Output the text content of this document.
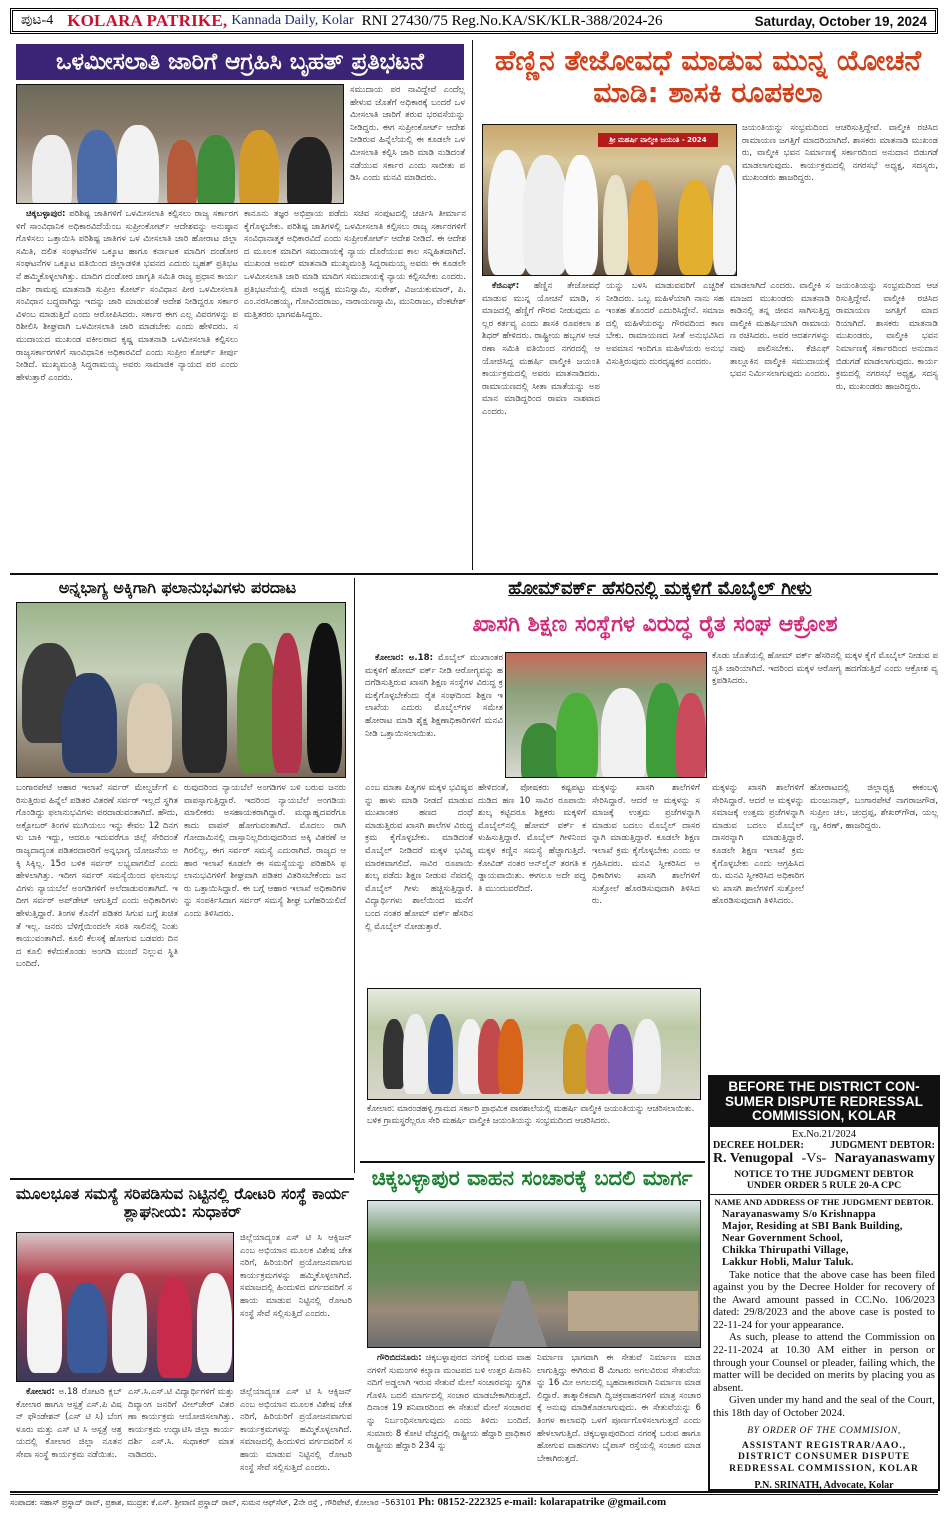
ಪುಟ-4 KOLARA PATRIKE, Kannada Daily, Kolar RNI 27430/75 Reg.No.KA/SK/KLR-388/2024-26	Saturday, October 19, 2024
ಒಳಮೀಸಲಾತಿ ಜಾರಿಗೆ ಆಗ್ರಹಿಸಿ ಬೃಹತ್ ಪ್ರತಿಭಟನೆ
ಸಮುದಾಯ ಪರ ನಾವಿದ್ದೇವೆ ಎಂದೆಲ್ಲ ಹೇಳುವ ಜೊತೆಗೆ ಅಧಿಕಾರಕ್ಕೆ ಬಂದರೆ ಒಳಮೀಸಲಾತಿ ಜಾರಿಗೆ ತರುವ ಭರವಸೆಯನ್ನು ನೀಡಿದ್ದರು. ಈಗ ಸುಪ್ರೀಂಕೋರ್ಟ್ ಆದೇಶ ನೀಡಿರುವ ಹಿನ್ನೆಲೆಯಲ್ಲಿ ಈ ಕೂಡಲೇ ಒಳಮೀಸಲಾತಿ ಕಲ್ಪಿಸಿ ಜಾರಿ ಮಾಡಿ ನುಡಿದಂತೆ ನಡೆಯುವ ಸರ್ಕಾರ ಎಂದು ಸಾಬೀತು ಪಡಿಸಿ ಎಂದು ಮನವಿ ಮಾಡಿದರು.

ಚಿಕ್ಕಬಳ್ಳಾಪುರ: ಪರಿಶಿಷ್ಟ ಜಾತಿಗಳಿಗೆ ಒಳಮೀಸಲಾತಿ ಕಲ್ಪಿಸಲು ರಾಜ್ಯ ಸರ್ಕಾರಗಳಿಗೆ ಸಾಂವಿಧಾನಿಕ ಅಧಿಕಾರವಿದೆಯೆಂಬ ಸುಪ್ರೀಂಕೋರ್ಟ್ ಆದೇಶವನ್ನು ಅನುಷ್ಠಾನಗೊಳಿಸಲು ಒತ್ತಾಯಿಸಿ ಪರಿಶಿಷ್ಟ ಜಾತಿಗಳ ಒಳ ಮೀಸಲಾತಿ ಜಾರಿ ಹೋರಾಟ ಜಿಲ್ಲಾ ಸಮಿತಿ, ದಲಿತ ಸಂಘಟನೆಗಳ ಒಕ್ಕೂಟ ಹಾಗೂ ಕರ್ನಾಟಕ ಮಾದಿಗ ದಂಡೋರ ಸಂಘಟನೆಗಳ ಒಕ್ಕೂಟ ವತಿಯಿಂದ ಜಿಲ್ಲಾಡಳಿತ ಭವನದ ಎದುರು ಬೃಹತ್ ಪ್ರತಿಭಟನೆ ಹಮ್ಮಿಕೊಳ್ಳಲಾಗಿತ್ತು. ಮಾದಿಗ ದಂಡೋರ ಜಾಗೃತಿ ಸಮಿತಿ ರಾಜ್ಯ ಪ್ರಧಾನ ಕಾರ್ಯದರ್ಶಿ ರಾಮಪ್ಪ ಮಾತನಾಡಿ ಸುಪ್ರೀಂ ಕೋರ್ಟ್ ಸಂವಿಧಾನ ಪೀಠ ಒಳಮೀಸಲಾತಿ ಸಂವಿಧಾನ ಬದ್ಧವಾಗಿದ್ದು ಇದನ್ನು ಜಾರಿ ಮಾಡುವಂತೆ ಆದೇಶ ನೀಡಿದ್ದರೂ ಸರ್ಕಾರ ವಿಳಂಬ ಮಾಡುತ್ತಿದೆ ಎಂದು ಆರೋಪಿಸಿದರು. ಸರ್ಕಾರ ಈಗ ಎಲ್ಲ ವಿವರಗಳನ್ನು ಪರಿಶೀಲಿಸಿ ಶೀಘ್ರವಾಗಿ ಒಳಮೀಸಲಾತಿ ಜಾರಿ ಮಾಡಬೇಕು ಎಂದು ಹೇಳಿದರು. ಸಮುದಾಯದ ಮುಖಂಡ ವಕೀಲರಾದ ಕೃಷ್ಣ ಮಾತನಾಡಿ ಒಳಮೀಸಲಾತಿ ಕಲ್ಪಿಸಲು ರಾಜ್ಯಸರ್ಕಾರಗಳಿಗೆ ಸಾಂವಿಧಾನಿಕ ಅಧಿಕಾರವಿದೆ ಎಂದು ಸುಪ್ರೀಂ ಕೋರ್ಟ್ ತೀರ್ಪು ನೀಡಿದೆ. ಮುಖ್ಯಮಂತ್ರಿ ಸಿದ್ದರಾಮಯ್ಯ ಅವರು ಸಾಮಾಜಿಕ ನ್ಯಾಯದ ಪರ ಎಂದು ಹೇಳುತ್ತಾರೆ ಎಂದರು.

ಕಾನೂನು ತಜ್ಞರ ಅಭಿಪ್ರಾಯ ಪಡೆದು ಸಚಿವ ಸಂಪುಟದಲ್ಲಿ ಚರ್ಚಿಸಿ ತೀರ್ಮಾನ ಕೈಗೊಳ್ಳಬೇಕು. ಪರಿಶಿಷ್ಟ ಜಾತಿಗಳಲ್ಲಿ ಒಳಮೀಸಲಾತಿ ಕಲ್ಪಿಸಲು ರಾಜ್ಯ ಸರ್ಕಾರಗಳಿಗೆ ಸಂವಿಧಾನಾತ್ಮಕ ಅಧಿಕಾರವಿದೆ ಎಂದು ಸುಪ್ರೀಂಕೋರ್ಟ್ ಆದೇಶ ನೀಡಿದೆ. ಈ ಆದೇಶದ ಮೂಲಕ ಮಾದಿಗ ಸಮುದಾಯಕ್ಕೆ ನ್ಯಾಯ ದೊರೆಯುವ ಕಾಲ ಸನ್ನಿಹಿತವಾಗಿದೆ. ಮುಖಂಡ ಅಮರ್ ಮಾತನಾಡಿ ಮುಖ್ಯಮಂತ್ರಿ ಸಿದ್ದರಾಮಯ್ಯ ಅವರು ಈ ಕೂಡಲೇ ಒಳಮೀಸಲಾತಿ ಜಾರಿ ಮಾಡಿ ಮಾದಿಗ ಸಮುದಾಯಕ್ಕೆ ನ್ಯಾಯ ಕಲ್ಪಿಸಬೇಕು ಎಂದರು. ಪ್ರತಿಭಟನೆಯಲ್ಲಿ ಮಾಜಿ ಅಧ್ಯಕ್ಷ ಮುನಿಸ್ವಾಮಿ, ಸುರೇಶ್, ವಿಜಯಕುಮಾರ್, ಪಿ.ಎಂ.ನರಸಿಂಹಯ್ಯ, ಗೋವಿಂದರಾಜು, ನಾರಾಯಣಸ್ವಾಮಿ, ಮುನಿರಾಜು, ವೆಂಕಟೇಶ್ ಮತ್ತಿತರರು ಭಾಗವಹಿಸಿದ್ದರು.
ಹೆಣ್ಣಿನ ತೇಜೋವಧೆ ಮಾಡುವ ಮುನ್ನ ಯೋಚನೆ ಮಾಡಿ: ಶಾಸಕಿ ರೂಪಕಲಾ
ಶ್ರೀ ಮಹರ್ಷಿ ವಾಲ್ಮೀಕಿ ಜಯಂತಿ - 2024
ಜಯಂತಿಯನ್ನು ಸಂಭ್ರಮದಿಂದ ಆಚರಿಸುತ್ತಿದ್ದೇವೆ. ವಾಲ್ಮೀಕಿ ರಚಿಸಿದ ರಾಮಾಯಣ ಜಗತ್ತಿಗೆ ಮಾದರಿಯಾಗಿದೆ. ಶಾಸಕರು ಮಾತನಾಡಿ ಮುಖಂಡರು, ವಾಲ್ಮೀಕಿ ಭವನ ನಿರ್ಮಾಣಕ್ಕೆ ಸರ್ಕಾರದಿಂದ ಅನುದಾನ ಬಿಡುಗಡೆ ಮಾಡಲಾಗುವುದು. ಕಾರ್ಯಕ್ರಮದಲ್ಲಿ ನಗರಸಭೆ ಅಧ್ಯಕ್ಷ, ಸದಸ್ಯರು, ಮುಖಂಡರು ಹಾಜರಿದ್ದರು.

ಕೆಜಿಎಫ್: ಹೆಣ್ಣಿನ ತೇಜೋವಧೆ ಮಾಡುವ ಮುನ್ನ ಯೋಚನೆ ಮಾಡಿ, ಸಮಾಜದಲ್ಲಿ ಹೆಣ್ಣಿಗೆ ಗೌರವ ನೀಡುವುದು ಎಲ್ಲರ ಕರ್ತವ್ಯ ಎಂದು ಶಾಸಕಿ ರೂಪಕಲಾ ಶಶಿಧರ್ ಹೇಳಿದರು. ರಾಷ್ಟ್ರೀಯ ಹಬ್ಬಗಳ ಆಚರಣಾ ಸಮಿತಿ ವತಿಯಿಂದ ನಗರದಲ್ಲಿ ಆಯೋಜಿಸಿದ್ದ ಮಹರ್ಷಿ ವಾಲ್ಮೀಕಿ ಜಯಂತಿ ಕಾರ್ಯಕ್ರಮದಲ್ಲಿ ಅವರು ಮಾತನಾಡಿದರು. ರಾಮಾಯಣದಲ್ಲಿ ಸೀತಾ ಮಾತೆಯನ್ನು ಅಪಮಾನ ಮಾಡಿದ್ದರಿಂದ ರಾವಣ ನಾಶವಾದ ಎಂದರು.

ಯನ್ನು ಬಳಸಿ ಮಾಡುವವರಿಗೆ ಎಚ್ಚರಿಕೆ ನೀಡಿದರು. ಒಬ್ಬ ಮಹಿಳೆಯಾಗಿ ನಾನು ಸಹ ಇಂತಹ ತೊಂದರೆ ಎದುರಿಸಿದ್ದೇನೆ. ಸಮಾಜದಲ್ಲಿ ಮಹಿಳೆಯರನ್ನು ಗೌರವದಿಂದ ಕಾಣಬೇಕು. ರಾಮಾಯಣದ ಸೀತೆ ಅನುಭವಿಸಿದ ಅವಮಾನ ಇಂದಿಗೂ ಮಹಿಳೆಯರು ಅನುಭವಿಸುತ್ತಿರುವುದು ದುರದೃಷ್ಟಕರ ಎಂದರು.
ಮಾಡಲಾಗಿದೆ ಎಂದರು. ವಾಲ್ಮೀಕಿ ಸಮಾಜದ ಮುಖಂಡರು ಮಾತನಾಡಿ ಕಾಡಿನಲ್ಲಿ ತನ್ನ ಜೀವನ ಸಾಗಿಸುತ್ತಿದ್ದ ವಾಲ್ಮೀಕಿ ಮಹರ್ಷಿಯಾಗಿ ರಾಮಾಯಣ ರಚಿಸಿದರು. ಅವರ ಆದರ್ಶಗಳನ್ನು ನಾವು ಪಾಲಿಸಬೇಕು. ಕೆಜಿಎಫ್ ತಾಲ್ಲೂಕಿನ ವಾಲ್ಮೀಕಿ ಸಮುದಾಯಕ್ಕೆ ಭವನ ನಿರ್ಮಿಸಲಾಗುವುದು ಎಂದರು.
ಜಯಂತಿಯನ್ನು ಸಂಭ್ರಮದಿಂದ ಆಚರಿಸುತ್ತಿದ್ದೇವೆ. ವಾಲ್ಮೀಕಿ ರಚಿಸಿದ ರಾಮಾಯಣ ಜಗತ್ತಿಗೆ ಮಾದರಿಯಾಗಿದೆ. ಶಾಸಕರು ಮಾತನಾಡಿ ಮುಖಂಡರು, ವಾಲ್ಮೀಕಿ ಭವನ ನಿರ್ಮಾಣಕ್ಕೆ ಸರ್ಕಾರದಿಂದ ಅನುದಾನ ಬಿಡುಗಡೆ ಮಾಡಲಾಗುವುದು. ಕಾರ್ಯಕ್ರಮದಲ್ಲಿ ನಗರಸಭೆ ಅಧ್ಯಕ್ಷ, ಸದಸ್ಯರು, ಮುಖಂಡರು ಹಾಜರಿದ್ದರು.
ಅನ್ನಭಾಗ್ಯ ಅಕ್ಕಿಗಾಗಿ ಫಲಾನುಭವಿಗಳು ಪರದಾಟ
ಬಂಗಾರಪೇಟೆ ಆಹಾರ ಇಲಾಖೆ ಸರ್ವರ್ ಮೇಲ್ದರ್ಜೆಗೆ ಏರಿಸುತ್ತಿರುವ ಹಿನ್ನೆಲೆ ಪಡಿತರ ವಿತರಣೆ ಸರ್ವರ್ ಇಲ್ಲದೆ ಸ್ಥಗಿತಗೊಂಡಿದ್ದು ಫಲಾನುಭವಿಗಳು ಪರದಾಡುವಂತಾಗಿದೆ. ಹೌದು, ಅಕ್ಟೋಬರ್ ತಿಂಗಳ ಮುಗಿಯಲು ಇನ್ನು ಕೇವಲ 12 ದಿನಗಳು ಬಾಕಿ ಇದ್ದು, ಆದರೂ ಇದುವರೆಗೂ ಜಿಲ್ಲೆ ಸೇರಿದಂತೆ ರಾಜ್ಯದಾದ್ಯಂತ ಪಡಿತರದಾರರಿಗೆ ಅನ್ನಭಾಗ್ಯ ಯೋಜನೆಯ ಅಕ್ಕಿ ಸಿಕ್ಕಿಲ್ಲ. 15ರ ಬಳಿಕ ಸರ್ವರ್ ಲಭ್ಯವಾಗಲಿದೆ ಎಂದು ಹೇಳಲಾಗಿತ್ತು. ಇದೀಗ ಸರ್ವರ್ ಸಮಸ್ಯೆಯಿಂದ ಫಲಾನುಭವಿಗಳು ನ್ಯಾಯಬೆಲೆ ಅಂಗಡಿಗಳಿಗೆ ಅಲೆದಾಡುವಂತಾಗಿದೆ. ಇದೀಗ ಸರ್ವರ್ ಅಪ್‌ಡೇಟ್ ಆಗುತ್ತಿದೆ ಎಂದು ಅಧಿಕಾರಿಗಳು ಹೇಳುತ್ತಿದ್ದಾರೆ. ತಿಂಗಳ ಕೊನೆಗೆ ಪಡಿತರ ಸಿಗುವ ಬಗ್ಗೆ ಖಚಿತತೆ ಇಲ್ಲ. ಜನರು ಬೆಳಿಗ್ಗೆಯಿಂದಲೇ ಸರತಿ ಸಾಲಿನಲ್ಲಿ ನಿಂತು ಕಾಯುವಂತಾಗಿದೆ. ಕೂಲಿ ಕೆಲಸಕ್ಕೆ ಹೋಗುವ ಬಡವರು ದಿನದ ಕೂಲಿ ಕಳೆದುಕೊಂಡು ಅಂಗಡಿ ಮುಂದೆ ನಿಲ್ಲುವ ಸ್ಥಿತಿ ಬಂದಿದೆ.
ರುವುದರಿಂದ ನ್ಯಾಯಬೆಲೆ ಅಂಗಡಿಗಳ ಬಳಿ ಬರುವ ಜನರು ವಾಪಸ್ಸಾಗುತ್ತಿದ್ದಾರೆ. ಇದರಿಂದ ನ್ಯಾಯಬೆಲೆ ಅಂಗಡಿಯ ಮಾಲೀಕರು ಅಸಹಾಯಕರಾಗಿದ್ದಾರೆ. ಮಧ್ಯಾಹ್ನದವರೆಗೂ ಕಾದು ವಾಪಸ್ ಹೋಗುವಂತಾಗಿದೆ. ಮೊದಲು ರಾಗಿ ಗೋದಾಮಿನಲ್ಲಿ ದಾಸ್ತಾನಿಲ್ಲದಿರುವುದರಿಂದ ಅಕ್ಕಿ ವಿತರಣೆ ಆಗಿರಲಿಲ್ಲ, ಈಗ ಸರ್ವರ್ ಸಮಸ್ಯೆ ಎದುರಾಗಿದೆ. ರಾಜ್ಯದ ಆಹಾರ ಇಲಾಖೆ ಕೂಡಲೇ ಈ ಸಮಸ್ಯೆಯನ್ನು ಪರಿಹರಿಸಿ ಫಲಾನುಭವಿಗಳಿಗೆ ಶೀಘ್ರವಾಗಿ ಪಡಿತರ ವಿತರಿಸಬೇಕೆಂದು ಜನರು ಒತ್ತಾಯಿಸಿದ್ದಾರೆ. ಈ ಬಗ್ಗೆ ಆಹಾರ ಇಲಾಖೆ ಅಧಿಕಾರಿಗಳನ್ನು ಸಂಪರ್ಕಿಸಿದಾಗ ಸರ್ವರ್ ಸಮಸ್ಯೆ ಶೀಘ್ರ ಬಗೆಹರಿಯಲಿದೆ ಎಂದು ತಿಳಿಸಿದರು.
ಹೋಮ್‌ವರ್ಕ್ ಹೆಸರಿನಲ್ಲಿ ಮಕ್ಕಳಿಗೆ ಮೊಬೈಲ್ ಗೀಳು
ಖಾಸಗಿ ಶಿಕ್ಷಣ ಸಂಸ್ಥೆಗಳ ವಿರುದ್ಧ ರೈತ ಸಂಘ ಆಕ್ರೋಶ

ಕೋಲಾರ: ಅ.18: ಮೊಬೈಲ್ ಮುಖಾಂತರ ಮಕ್ಕಳಿಗೆ ಹೋಮ್ ವರ್ಕ್ ನೀಡಿ ಆರೋಗ್ಯವನ್ನು ಹದಗೆಡಿಸುತ್ತಿರುವ ಖಾಸಗಿ ಶಿಕ್ಷಣ ಸಂಸ್ಥೆಗಳ ವಿರುದ್ಧ ಕ್ರಮಕೈಗೊಳ್ಳಬೇಕೆಂದು ರೈತ ಸಂಘದಿಂದ ಶಿಕ್ಷಣ ಇಲಾಖೆಯ ಎದುರು ಮೊಬೈಲ್‌ಗಳ ಸಮೇತ ಹೋರಾಟ ಮಾಡಿ ಶೈಕ್ಷ ಶಿಕ್ಷಣಾಧಿಕಾರಿಗಳಿಗೆ ಮನವಿ ನೀಡಿ ಒತ್ತಾಯಿಸಲಾಯಿತು.

ಕೊಡು ಜೊತೆಯಲ್ಲಿ ಹೋಮ್ ವರ್ಕ್ ಹೆಸರಿನಲ್ಲಿ ಮಕ್ಕಳ ಕೈಗೆ ಮೊಬೈಲ್ ನೀಡುವ ಪದ್ಧತಿ ಜಾರಿಯಾಗಿದೆ. ಇದರಿಂದ ಮಕ್ಕಳ ಆರೋಗ್ಯ ಹದಗೆಡುತ್ತಿದೆ ಎಂದು ಆಕ್ರೋಶ ವ್ಯಕ್ತಪಡಿಸಿದರು.
ಎಂಬ ಮಾತಾ ಪಿತೃಗಳ ಮಕ್ಕಳ ಭವಿಷ್ಯವನ್ನು ಹಾಳು ಮಾಡಿ ನೀಡದೆ ಮಾಡುವ ಮುಖಾಂತರ ಹಣದ ದಂಧೆ ಮಾಡುತ್ತಿರುವ ಖಾಸಗಿ ಶಾಲೆಗಳ ವಿರುದ್ಧ ಕ್ರಮ ಕೈಗೊಳ್ಳಬೇಕು. ಮಾಡಿದಂತೆ ಮೊಬೈಲ್ ನೀಡಿದರೆ ಮಕ್ಕಳ ಭವಿಷ್ಯ ಮಾರಕವಾಗಲಿದೆ. ಸಾವಿರ ರೂಪಾಯಿ ಶುಲ್ಕ ಪಡೆದು ಶಿಕ್ಷಣ ನೀಡುವ ನೆಪದಲ್ಲಿ ಮೊಬೈಲ್ ಗೀಳು ಹಚ್ಚಿಸುತ್ತಿದ್ದಾರೆ. ವಿದ್ಯಾರ್ಥಿಗಳು ಶಾಲೆಯಿಂದ ಮನೆಗೆ ಬಂದ ನಂತರ ಹೋಮ್ ವರ್ಕ್ ಹೆಸರಿನಲ್ಲಿ ಮೊಬೈಲ್ ನೋಡುತ್ತಾರೆ.
ಹೇಳಿದಂತೆ, ಪೋಷಕರು ಕಷ್ಟಪಟ್ಟು ದುಡಿದ ಹಣ 10 ಸಾವಿರ ರೂಪಾಯಿ ಶುಲ್ಕ ಕಟ್ಟಿದರೂ ಶಿಕ್ಷಕರು ಮಕ್ಕಳಿಗೆ ಮೊಬೈಲ್‌ನಲ್ಲಿ ಹೋಮ್ ವರ್ಕ್ ಕಳುಹಿಸುತ್ತಿದ್ದಾರೆ. ಮೊಬೈಲ್ ಗೀಳಿನಿಂದ ಮಕ್ಕಳ ಕಣ್ಣಿನ ಸಮಸ್ಯೆ ಹೆಚ್ಚಾಗುತ್ತಿದೆ. ಕೋವಿಡ್ ನಂತರ ಆನ್‌ಲೈನ್ ತರಗತಿ ಕಡ್ಡಾಯವಾಯಿತು. ಈಗಲೂ ಅದೇ ಪದ್ಧತಿ ಮುಂದುವರೆದಿದೆ.
ಮಕ್ಕಳನ್ನು ಖಾಸಗಿ ಶಾಲೆಗಳಿಗೆ ಸೇರಿಸಿದ್ದಾರೆ. ಆದರೆ ಆ ಮಕ್ಕಳನ್ನು ಸಮಾಜಕ್ಕೆ ಉತ್ತಮ ಪ್ರಜೆಗಳನ್ನಾಗಿ ಮಾಡುವ ಬದಲು ಮೊಬೈಲ್ ದಾಸರನ್ನಾಗಿ ಮಾಡುತ್ತಿದ್ದಾರೆ. ಕೂಡಲೇ ಶಿಕ್ಷಣ ಇಲಾಖೆ ಕ್ರಮ ಕೈಗೊಳ್ಳಬೇಕು ಎಂದು ಆಗ್ರಹಿಸಿದರು. ಮನವಿ ಸ್ವೀಕರಿಸಿದ ಅಧಿಕಾರಿಗಳು ಖಾಸಗಿ ಶಾಲೆಗಳಿಗೆ ಸುತ್ತೋಲೆ ಹೊರಡಿಸುವುದಾಗಿ ತಿಳಿಸಿದರು.
ಹೋರಾಟದಲ್ಲಿ ಜಿಲ್ಲಾಧ್ಯಕ್ಷ ಈಕಂಬಳ್ಳಿ ಮಂಜುನಾಥ್, ಬಂಗಾರಪೇಟೆ ನಾಗರಾಜಗೌಡ, ಸುಪ್ರೀಂ ಚಲ, ಚಂದ್ರಪ್ಪ, ಶೇಖರ್‌ಗೌಡ, ಯಲ್ಲಣ್ಣ, ಕಿರಣ್, ಹಾಜರಿದ್ದರು.
ಮಕ್ಕಳನ್ನು ಖಾಸಗಿ ಶಾಲೆಗಳಿಗೆ ಸೇರಿಸಿದ್ದಾರೆ. ಆದರೆ ಆ ಮಕ್ಕಳನ್ನು ಸಮಾಜಕ್ಕೆ ಉತ್ತಮ ಪ್ರಜೆಗಳನ್ನಾಗಿ ಮಾಡುವ ಬದಲು ಮೊಬೈಲ್ ದಾಸರನ್ನಾಗಿ ಮಾಡುತ್ತಿದ್ದಾರೆ. ಕೂಡಲೇ ಶಿಕ್ಷಣ ಇಲಾಖೆ ಕ್ರಮ ಕೈಗೊಳ್ಳಬೇಕು ಎಂದು ಆಗ್ರಹಿಸಿದರು. ಮನವಿ ಸ್ವೀಕರಿಸಿದ ಅಧಿಕಾರಿಗಳು ಖಾಸಗಿ ಶಾಲೆಗಳಿಗೆ ಸುತ್ತೋಲೆ ಹೊರಡಿಸುವುದಾಗಿ ತಿಳಿಸಿದರು.
ಕೋಲಾರ: ಮಾರಂಡಹಳ್ಳಿ ಗ್ರಾಮದ ಸರ್ಕಾರಿ ಪ್ರಾಥಮಿಕ ಪಾಠಶಾಲೆಯಲ್ಲಿ ಮಹರ್ಷಿ ವಾಲ್ಮೀಕಿ ಜಯಂತಿಯನ್ನು ಆಚರಿಸಲಾಯಿತು. ಬಳಿಕ ಗ್ರಾಮಸ್ಥರೆಲ್ಲರೂ ಸೇರಿ ಮಹರ್ಷಿ ವಾಲ್ಮೀಕಿ ಜಯಂತಿಯನ್ನು ಸಂಭ್ರಮದಿಂದ ಆಚರಿಸಿದರು.
ಮೂಲಭೂತ ಸಮಸ್ಯೆ ಸರಿಪಡಿಸುವ ನಿಟ್ಟಿನಲ್ಲಿ ರೋಟರಿ ಸಂಸ್ಥೆ ಕಾರ್ಯ ಶ್ಲಾಘನೀಯ: ಸುಧಾಕರ್
ಜಿಲ್ಲೆಯಾದ್ಯಂತ ಎಸ್ ಟಿ ಸಿ ಆಕ್ಸಿಜನ್ ಎಂಬ ಅಭಿಯಾನ ಮೂಲಕ ವಿಶೇಷ ಚೇತನರಿಗೆ, ಹಿರಿಯರಿಗೆ ಪ್ರಯೋಜನವಾಗುವ ಕಾರ್ಯಕ್ರಮಗಳನ್ನು ಹಮ್ಮಿಕೊಳ್ಳಲಾಗಿದೆ. ಸಮಾಜದಲ್ಲಿ ಹಿಂದುಳಿದ ವರ್ಗದವರಿಗೆ ಸಹಾಯ ಮಾಡುವ ನಿಟ್ಟಿನಲ್ಲಿ ರೋಟರಿ ಸಂಸ್ಥೆ ಸೇವೆ ಸಲ್ಲಿಸುತ್ತಿದೆ ಎಂದರು.

ಕೋಲಾರ: ಅ.18 ರೋಟರಿ ಕ್ಲಬ್ ಕೋಲಾರ ಹಾಗೂ ಆಸ್ಪತ್ರೆ ಎಸ್.ಪಿ ವಿಷನ್ ಫೌಂಡೇಶನ್ (ಎಸ್ ಟಿ ಸಿ) ಬೆಂಗಳೂರು ಮತ್ತು ಎಸ್ ಟಿ ಸಿ ಆಸ್ಪತ್ರೆ ಆಶ್ರಯದಲ್ಲಿ ಕೋಲಾರ ಜಿಲ್ಲಾ ನೂತನ ಸೇವಾ ಸಂಸ್ಥೆ ಕಾರ್ಯಕ್ರಮ ನಡೆಯಿತು.

ಎಸ್.ಸಿ.ಎಸ್.ಟಿ ವಿದ್ಯಾರ್ಥಿಗಳಿಗೆ ಮತ್ತು ದಿವ್ಯಾಂಗ ಜನರಿಗೆ ವೀಲ್‌ಚೇರ್ ವಿತರಣಾ ಕಾರ್ಯಕ್ರಮ ಆಯೋಜಿಸಲಾಗಿತ್ತು. ಕಾರ್ಯಕ್ರಮ ಉದ್ಘಾಟಿಸಿ ಜಿಲ್ಲಾ ಕಾರ್ಯದರ್ಶಿ ಎಸ್.ಸಿ. ಸುಧಾಕರ್ ಮಾತನಾಡಿದರು.
ಜಿಲ್ಲೆಯಾದ್ಯಂತ ಎಸ್ ಟಿ ಸಿ ಆಕ್ಸಿಜನ್ ಎಂಬ ಅಭಿಯಾನ ಮೂಲಕ ವಿಶೇಷ ಚೇತನರಿಗೆ, ಹಿರಿಯರಿಗೆ ಪ್ರಯೋಜನವಾಗುವ ಕಾರ್ಯಕ್ರಮಗಳನ್ನು ಹಮ್ಮಿಕೊಳ್ಳಲಾಗಿದೆ. ಸಮಾಜದಲ್ಲಿ ಹಿಂದುಳಿದ ವರ್ಗದವರಿಗೆ ಸಹಾಯ ಮಾಡುವ ನಿಟ್ಟಿನಲ್ಲಿ ರೋಟರಿ ಸಂಸ್ಥೆ ಸೇವೆ ಸಲ್ಲಿಸುತ್ತಿದೆ ಎಂದರು.
ಚಿಕ್ಕಬಳ್ಳಾಪುರ ವಾಹನ ಸಂಚಾರಕ್ಕೆ ಬದಲಿ ಮಾರ್ಗ

ಗೌರಿಬಿದನೂರು: ಚಿಕ್ಕಬಳ್ಳಾಪುರದ ನಗರಕ್ಕೆ ಬರುವ ವಾಹನಗಳಿಗೆ ಸುಮಂಗಳಿ ಕಲ್ಯಾಣ ಮಂಟಪದ ಬಳಿ ಉತ್ತರ ಪಿನಾಕಿನಿ ನದಿಗೆ ಅಡ್ಡಲಾಗಿ ಇರುವ ಸೇತುವೆ ಮೇಲೆ ಸಂಚಾರವನ್ನು ಸ್ಥಗಿತಗೊಳಿಸಿ ಬದಲಿ ಮಾರ್ಗದಲ್ಲಿ ಸಂಚಾರ ಮಾಡಬೇಕಾಗಿರುತ್ತದೆ. ದಿನಾಂಕ 19 ಶನಿವಾರದಿಂದ ಈ ಸೇತುವೆ ಮೇಲೆ ಸಂಚಾರವನ್ನು ನಿರ್ಬಂಧಿಸಲಾಗುವುದು ಎಂದು ತಿಳಿದು ಬಂದಿದೆ. ಸುಮಾರು 8 ಕೋಟಿ ವೆಚ್ಚದಲ್ಲಿ ರಾಷ್ಟ್ರೀಯ ಹೆದ್ದಾರಿ ಪ್ರಾಧಿಕಾರ ರಾಷ್ಟ್ರೀಯ ಹೆದ್ದಾರಿ 234 ನ್ನು

ನಿರ್ಮಾಣ ಭಾಗವಾಗಿ ಈ ಸೇತುವೆ ನಿರ್ಮಾಣ ಮಾಡಲಾಗುತ್ತಿದ್ದು ಈಗಿರುವ 8 ಮೀಟರು ಅಗಲವಿರುವ ಸೇತುವೆಯನ್ನು 16 ಮೀ ಅಗಲದಲ್ಲಿ ಬೃಹದಾಕಾರವಾಗಿ ನಿರ್ಮಾಣ ಮಾಡಲಿದ್ದಾರೆ. ತಾತ್ಕಾಲಿಕವಾಗಿ ದ್ವಿಚಕ್ರವಾಹನಗಳಿಗೆ ಮಾತ್ರ ಸಂಚಾರಕ್ಕೆ ಅನುವು ಮಾಡಿಕೊಡಲಾಗುವುದು. ಈ ಸೇತುವೆಯನ್ನು 6 ತಿಂಗಳ ಕಾಲಾವಧಿ ಒಳಗೆ ಪೂರ್ಣಗೊಳಿಸಲಾಗುತ್ತದೆ ಎಂದು ಹೇಳಲಾಗುತ್ತಿದೆ. ಚಿಕ್ಕಬಳ್ಳಾಪುರದಿಂದ ನಗರಕ್ಕೆ ಬರುವ ಹಾಗೂ ಹೋಗುವ ವಾಹನಗಳು ಬೈಪಾಸ್ ರಸ್ತೆಯಲ್ಲಿ ಸಂಚಾರ ಮಾಡಬೇಕಾಗಿರುತ್ತದೆ.
BEFORE THE DISTRICT CON-SUMER DISPUTE REDRESSAL COMMISSION, KOLAR
Ex.No.21/2024
DECREE HOLDER:	JUDGMENT DEBTOR:
R. Venugopal -Vs- Narayanaswamy
NOTICE TO THE JUDGMENT DEBTOR
UNDER ORDER 5 RULE 20-A CPC
NAME AND ADDRESS OF THE JUDGMENT DEBTOR.
Narayanaswamy S/o Krishnappa
Major, Residing at SBI Bank Building,
Near Government School,
Chikka Thirupathi Village,
Lakkur Hobli, Malur Taluk.

Take notice that the above case has been filed against you by the Decree Holder for recovery of the Award amount passed in CC.No. 106/2023 dated: 29/8/2023 and the above case is posted to 22-11-24 for your appearance.

As such, please to attend the Commission on 22-11-2024 at 10.30 AM either in person or through your Counsel or pleader, failing which, the matter will be decided on merits by placing you as absent.

Given under my hand and the seal of the Court, this 18th day of October 2024.

BY ORDER OF THE COMMISION,
ASSISTANT REGISTRAR/AAO.,
DISTRICT CONSUMER DISPUTE
REDRESSAL COMMISSION, KOLAR
P.N. SRINATH, Advocate, Kolar
ಸಂಪಾದಕ: ಸಹಾಸ್ ಪ್ರಸ್ಥಾದ್ ರಾವ್, ಪ್ರಕಾಶ, ಮುದ್ರಕ: ಕೆ.ಎಸ್. ಶ್ರೀವಾಣಿ ಪ್ರಸ್ಥಾದ್ ರಾವ್, ಸುಮನ ಆಫ್‌ಸೆಟ್, 2ನೇ ರಸ್ತೆ , ಗೌರಿಪೇಟೆ, ಕೋಲಾರ –563101 Ph: 08152-222325 e-mail: kolarapatrike @gmail.com
